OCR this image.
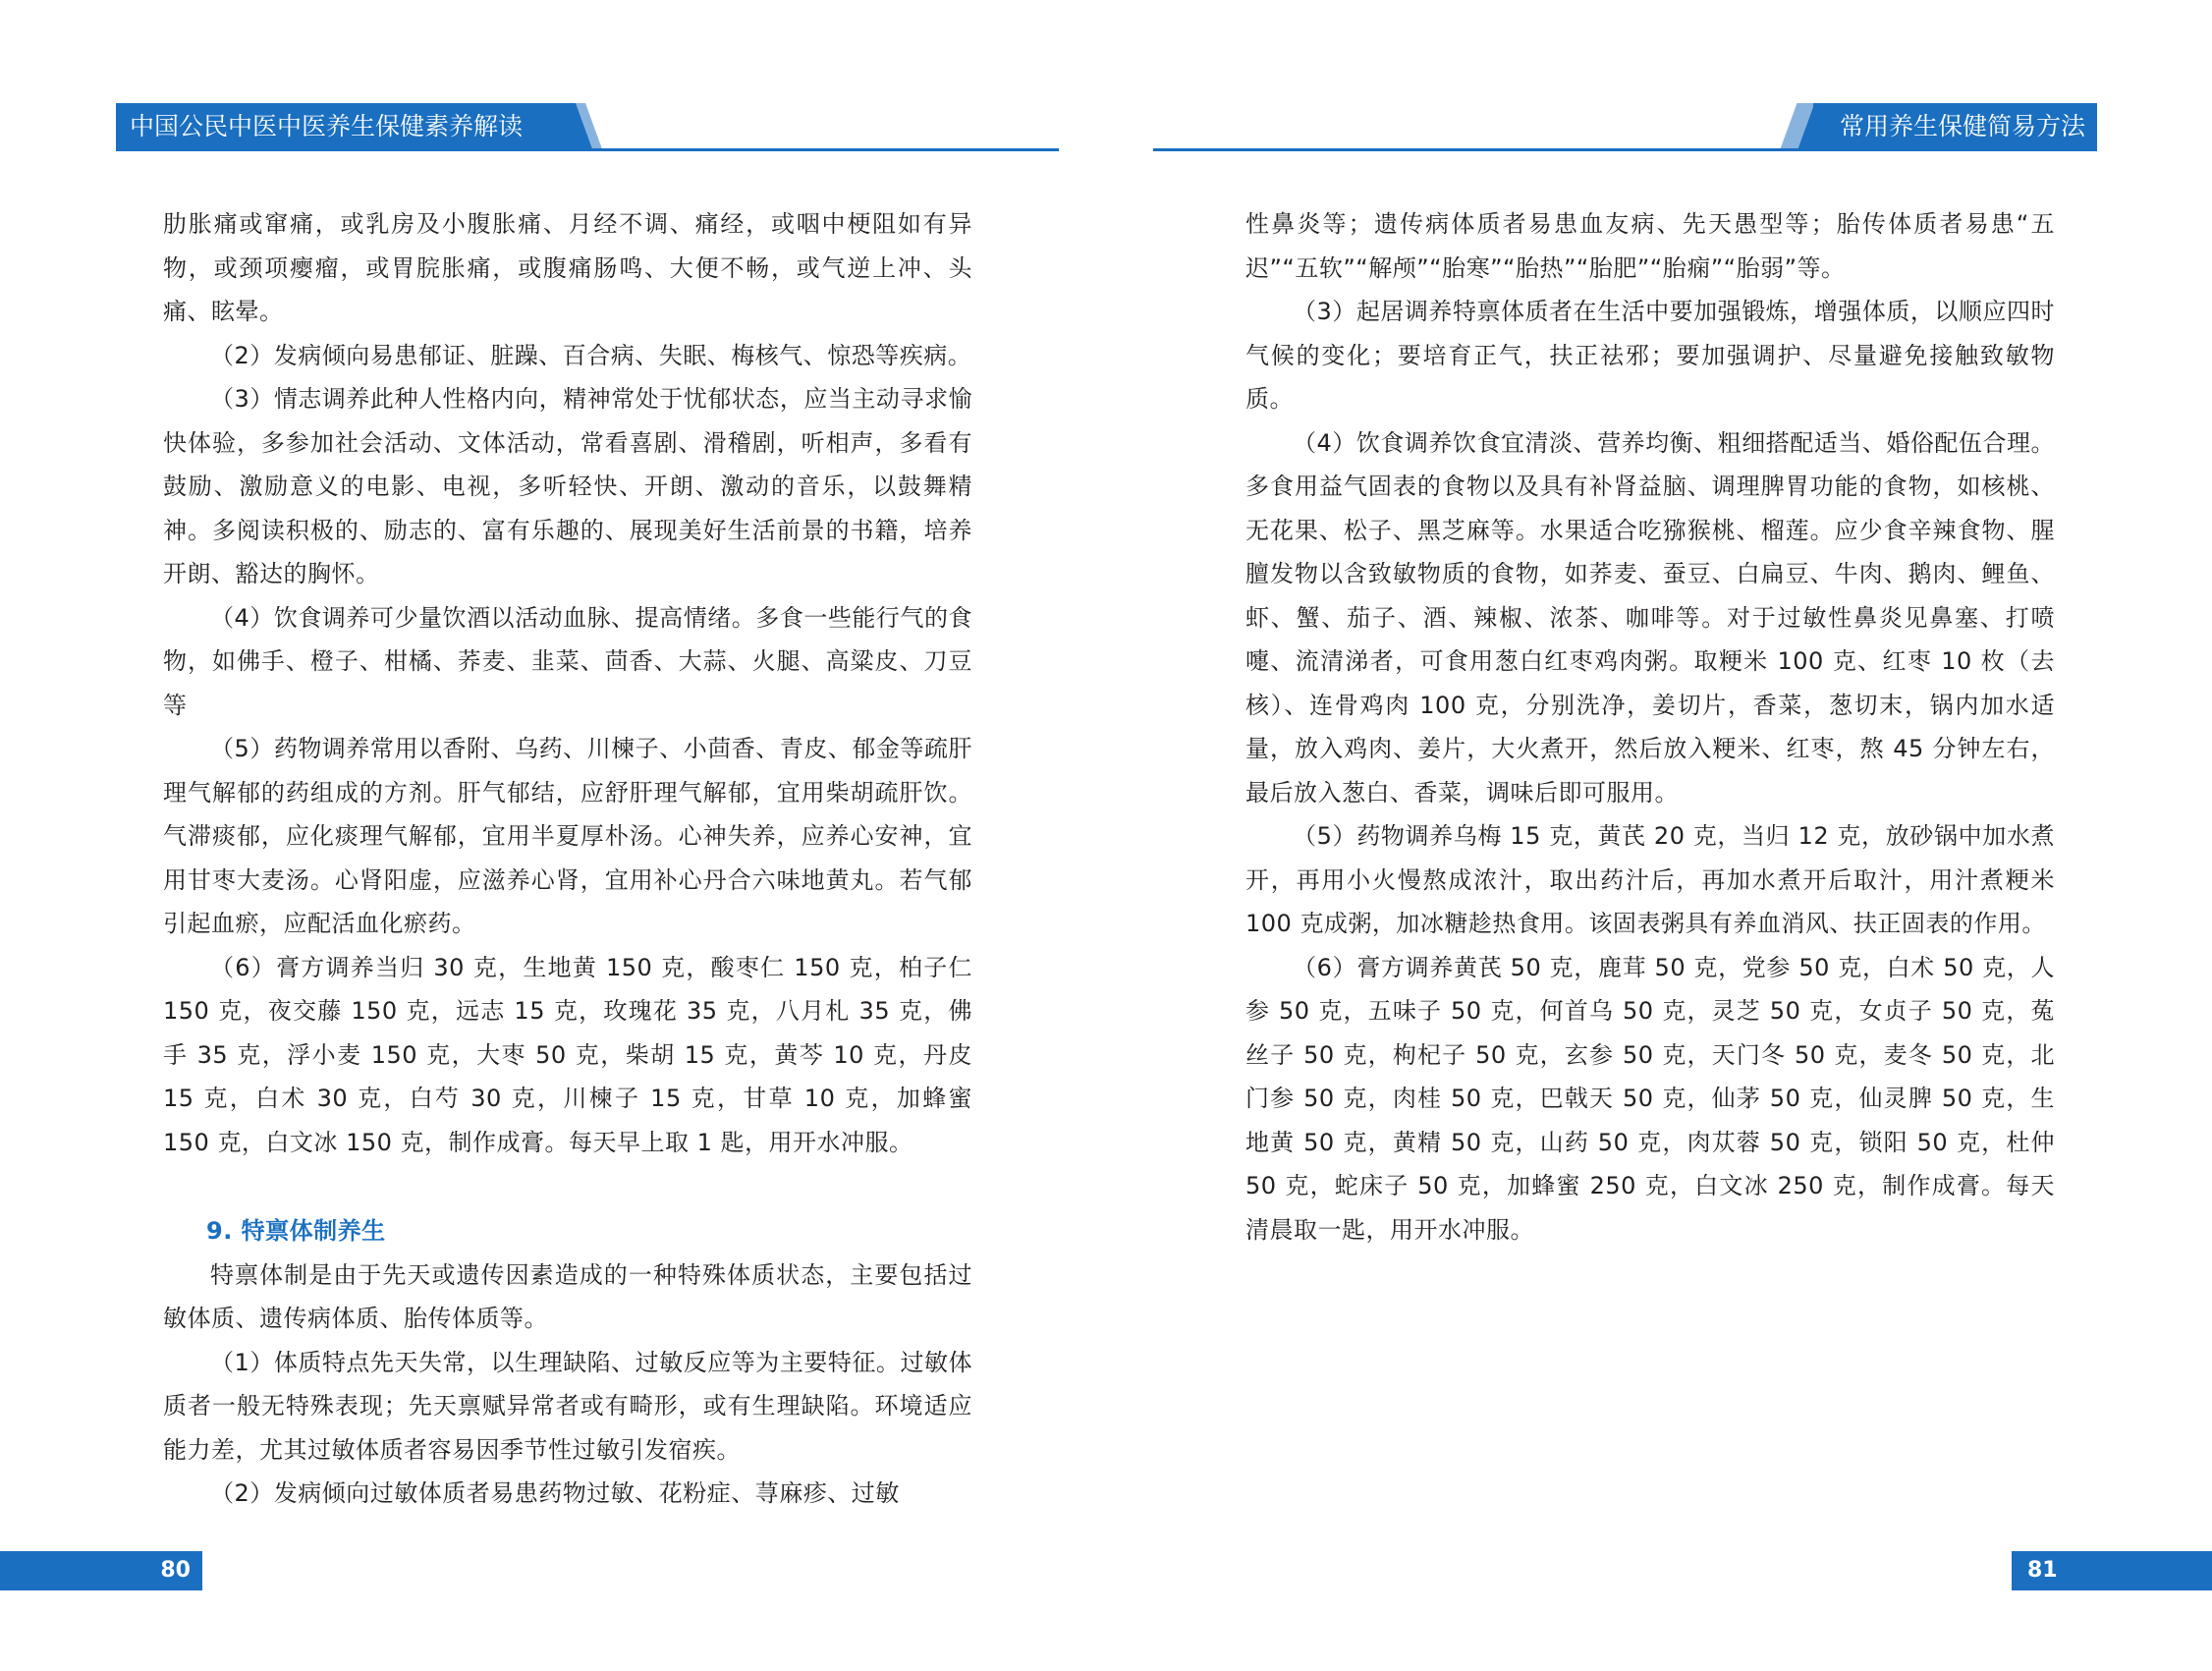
中国公民中医中医养生保健素养解读	常用养生保健简易方法

肋胀痛或窜痛，或乳房及小腹胀痛、月经不调、痛经，或咽中梗阻如有异物，或颈项瘿瘤，或胃脘胀痛，或腹痛肠鸣、大便不畅，或气逆上冲、头痛、眩晕。

（2）发病倾向易患郁证、脏躁、百合病、失眠、梅核气、惊恐等疾病。

（3）情志调养此种人性格内向，精神常处于忧郁状态，应当主动寻求愉快体验，多参加社会活动、文体活动，常看喜剧、滑稽剧，听相声，多看有鼓励、激励意义的电影、电视，多听轻快、开朗、激动的音乐，以鼓舞精神。多阅读积极的、励志的、富有乐趣的、展现美好生活前景的书籍，培养开朗、豁达的胸怀。

（4）饮食调养可少量饮酒以活动血脉、提高情绪。多食一些能行气的食物，如佛手、橙子、柑橘、荞麦、韭菜、茴香、大蒜、火腿、高粱皮、刀豆等

（5）药物调养常用以香附、乌药、川楝子、小茴香、青皮、郁金等疏肝理气解郁的药组成的方剂。肝气郁结，应舒肝理气解郁，宜用柴胡疏肝饮。气滞痰郁，应化痰理气解郁，宜用半夏厚朴汤。心神失养，应养心安神，宜用甘枣大麦汤。心肾阳虚，应滋养心肾，宜用补心丹合六味地黄丸。若气郁引起血瘀，应配活血化瘀药。

（6）膏方调养当归 30 克，生地黄 150 克，酸枣仁 150 克，柏子仁 150 克，夜交藤 150 克，远志 15 克，玫瑰花 35 克，八月札 35 克，佛手 35 克，浮小麦 150 克，大枣 50 克，柴胡 15 克，黄芩 10 克，丹皮 15 克，白术 30 克，白芍 30 克，川楝子 15 克，甘草 10 克，加蜂蜜 150 克，白文冰 150 克，制作成膏。每天早上取 1 匙，用开水冲服。

9. 特禀体制养生

特禀体制是由于先天或遗传因素造成的一种特殊体质状态，主要包括过敏体质、遗传病体质、胎传体质等。

（1）体质特点先天失常，以生理缺陷、过敏反应等为主要特征。过敏体质者一般无特殊表现；先天禀赋异常者或有畸形，或有生理缺陷。环境适应能力差，尤其过敏体质者容易因季节性过敏引发宿疾。

（2）发病倾向过敏体质者易患药物过敏、花粉症、荨麻疹、过敏

性鼻炎等；遗传病体质者易患血友病、先天愚型等；胎传体质者易患“五迟”“五软”“解颅”“胎寒”“胎热”“胎肥”“胎痫”“胎弱”等。

（3）起居调养特禀体质者在生活中要加强锻炼，增强体质，以顺应四时气候的变化；要培育正气，扶正祛邪；要加强调护、尽量避免接触致敏物质。

（4）饮食调养饮食宜清淡、营养均衡、粗细搭配适当、婚俗配伍合理。多食用益气固表的食物以及具有补肾益脑、调理脾胃功能的食物，如核桃、无花果、松子、黑芝麻等。水果适合吃猕猴桃、榴莲。应少食辛辣食物、腥膻发物以含致敏物质的食物，如荞麦、蚕豆、白扁豆、牛肉、鹅肉、鲤鱼、虾、蟹、茄子、酒、辣椒、浓茶、咖啡等。对于过敏性鼻炎见鼻塞、打喷嚏、流清涕者，可食用葱白红枣鸡肉粥。取粳米 100 克、红枣 10 枚（去核）、连骨鸡肉 100 克，分别洗净，姜切片，香菜，葱切末，锅内加水适量，放入鸡肉、姜片，大火煮开，然后放入粳米、红枣，熬 45 分钟左右，最后放入葱白、香菜，调味后即可服用。

（5）药物调养乌梅 15 克，黄芪 20 克，当归 12 克，放砂锅中加水煮开，再用小火慢熬成浓汁，取出药汁后，再加水煮开后取汁，用汁煮粳米 100 克成粥，加冰糖趁热食用。该固表粥具有养血消风、扶正固表的作用。

（6）膏方调养黄芪 50 克，鹿茸 50 克，党参 50 克，白术 50 克，人参 50 克，五味子 50 克，何首乌 50 克，灵芝 50 克，女贞子 50 克，菟丝子 50 克，枸杞子 50 克，玄参 50 克，天门冬 50 克，麦冬 50 克，北门参 50 克，肉桂 50 克，巴戟天 50 克，仙茅 50 克，仙灵脾 50 克，生地黄 50 克，黄精 50 克，山药 50 克，肉苁蓉 50 克，锁阳 50 克，杜仲 50 克，蛇床子 50 克，加蜂蜜 250 克，白文冰 250 克，制作成膏。每天清晨取一匙，用开水冲服。

80	81
